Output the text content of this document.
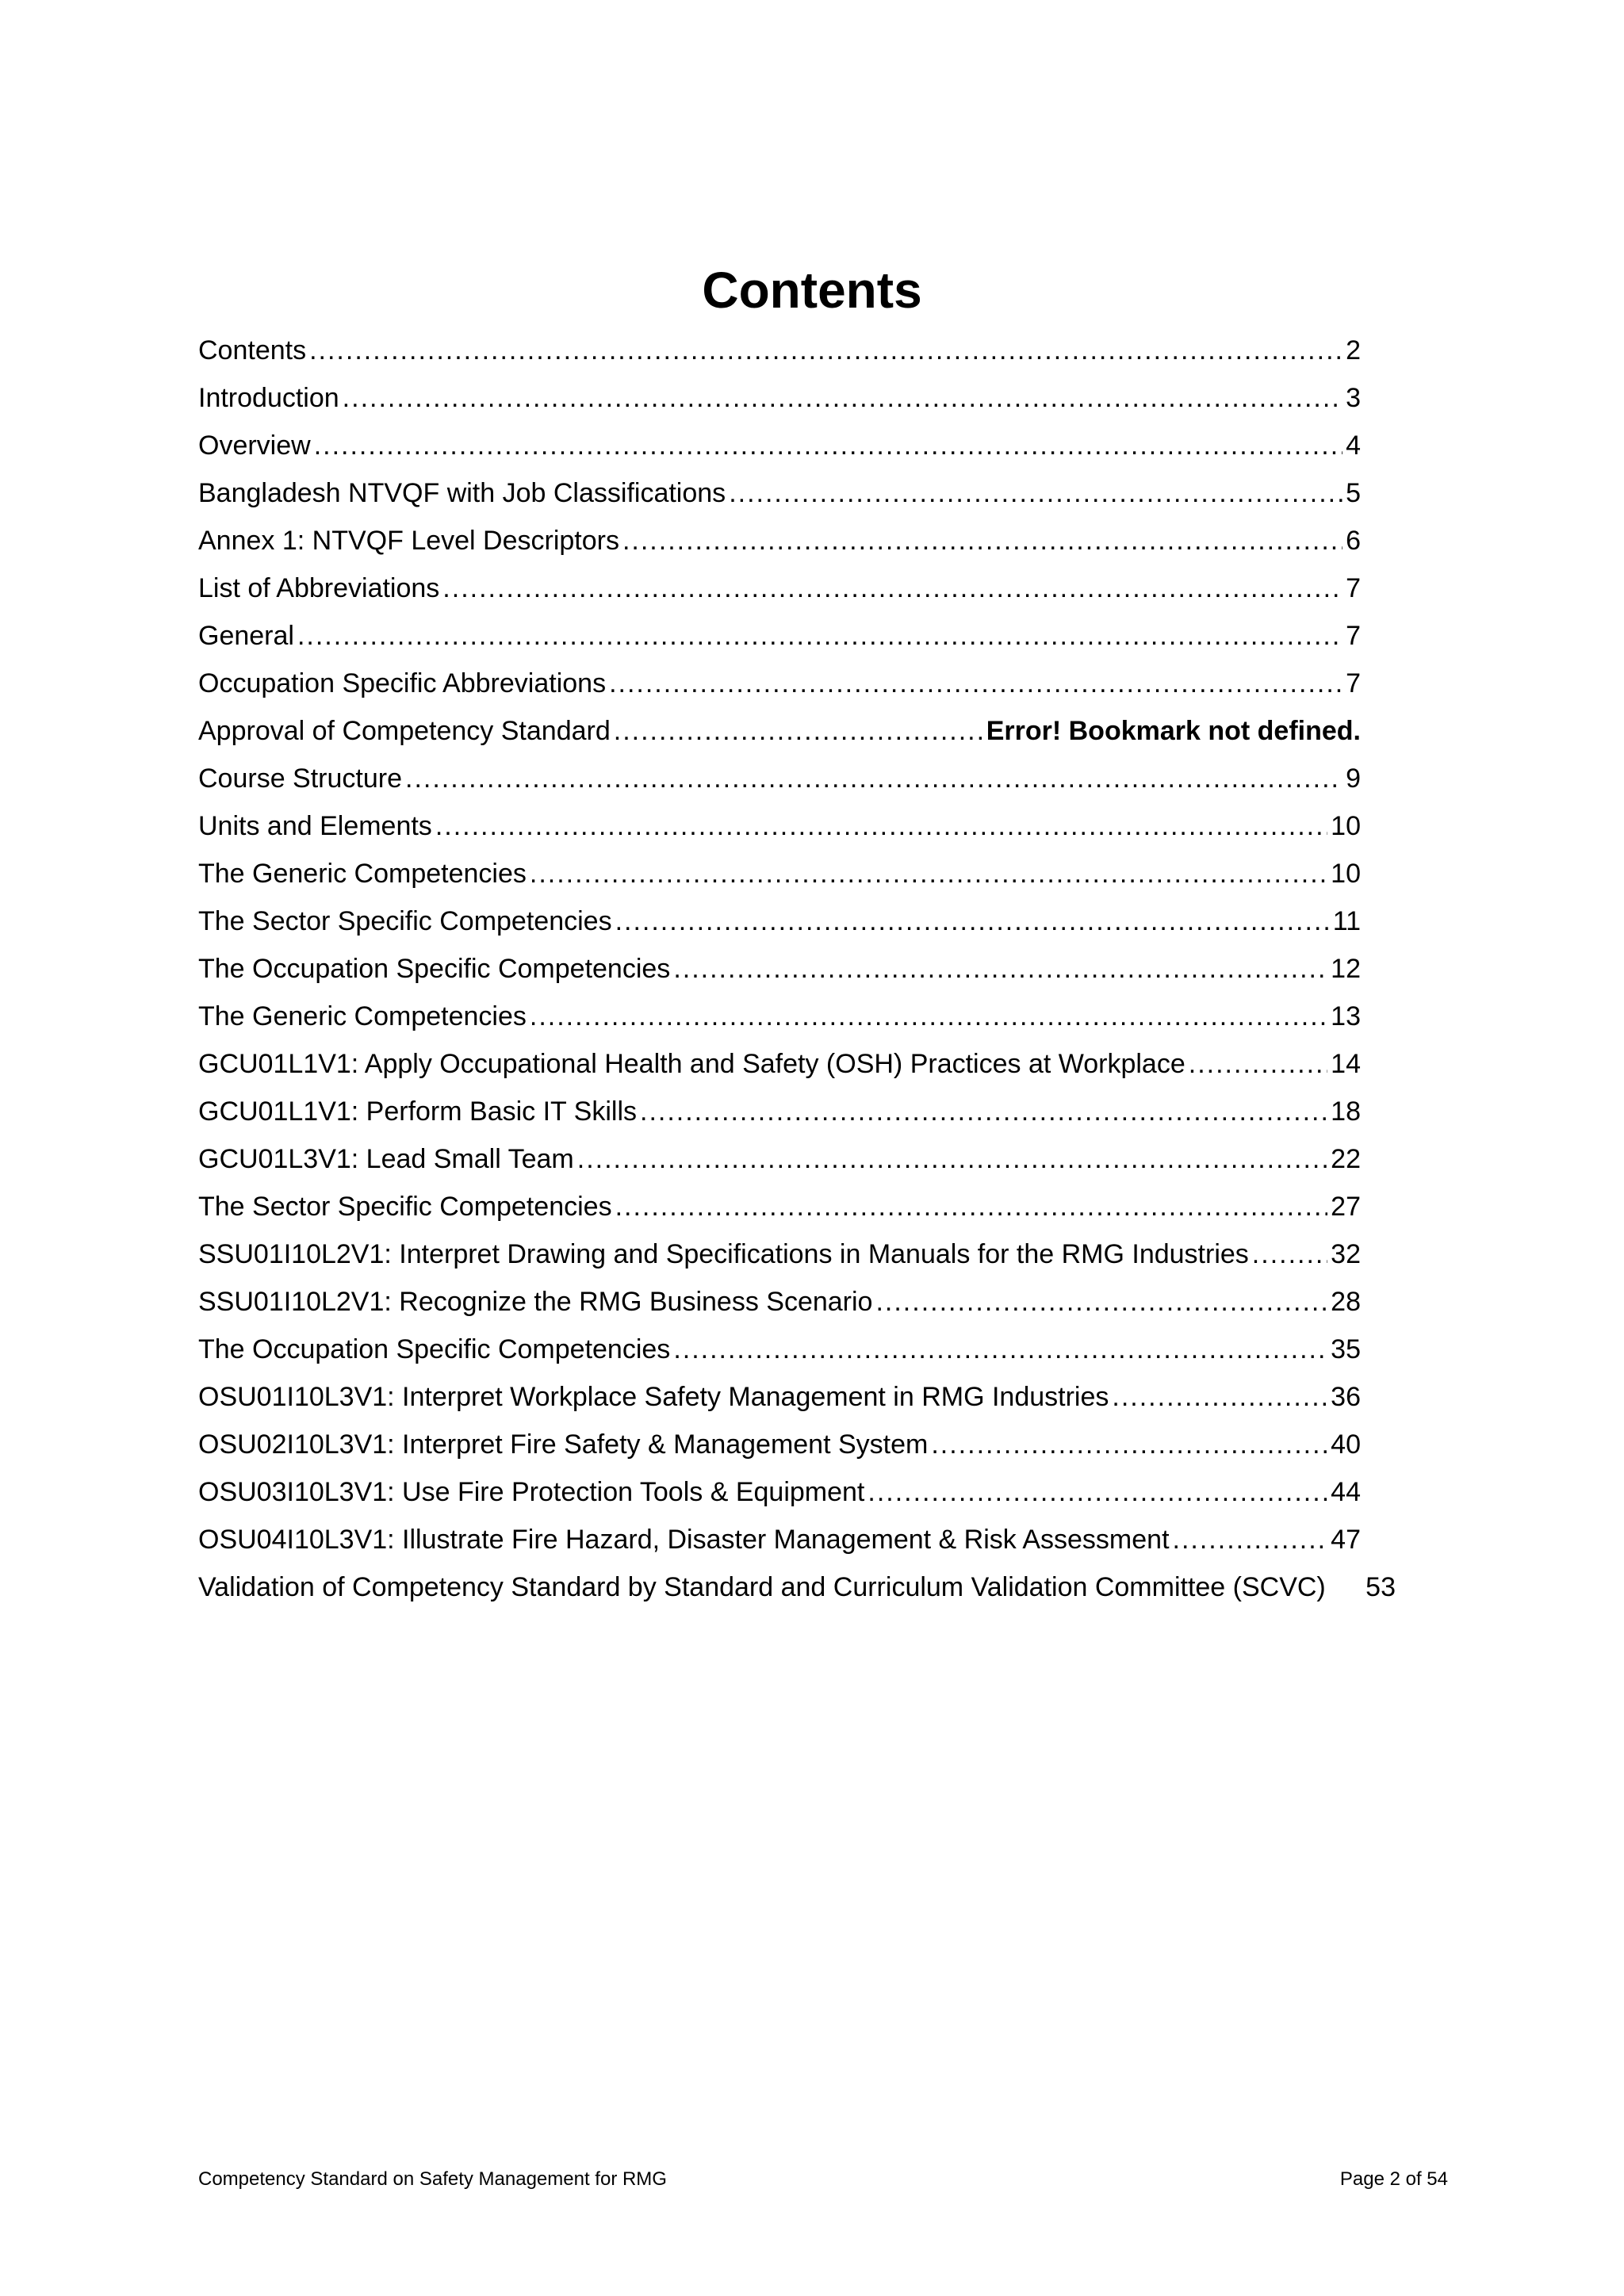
Contents
Contents .....	2
Introduction .....	3
Overview .....	4
Bangladesh NTVQF with Job Classifications .....	5
Annex 1: NTVQF Level Descriptors .....	6
List of Abbreviations .....	7
General .....	7
Occupation Specific Abbreviations .....	7
Approval of Competency Standard .....	Error! Bookmark not defined.
Course Structure .....	9
Units and Elements .....	10
The Generic Competencies .....	10
The Sector Specific Competencies .....	11
The Occupation Specific Competencies .....	12
The Generic Competencies .....	13
GCU01L1V1: Apply Occupational Health and Safety (OSH) Practices at Workplace .....	14
GCU01L1V1: Perform Basic IT Skills .....	18
GCU01L3V1: Lead Small Team .....	22
The Sector Specific Competencies .....	27
SSU01I10L2V1: Interpret Drawing and Specifications in Manuals for the RMG Industries .....	32
SSU01I10L2V1: Recognize the RMG Business Scenario .....	28
The Occupation Specific Competencies .....	35
OSU01I10L3V1: Interpret Workplace Safety Management in RMG Industries .....	36
OSU02I10L3V1: Interpret Fire Safety & Management System .....	40
OSU03I10L3V1: Use Fire Protection Tools & Equipment .....	44
OSU04I10L3V1: Illustrate Fire Hazard, Disaster Management & Risk Assessment .....	47
Validation of Competency Standard by Standard and Curriculum Validation Committee (SCVC) 53
Competency Standard on Safety Management for RMG	Page 2 of 54
